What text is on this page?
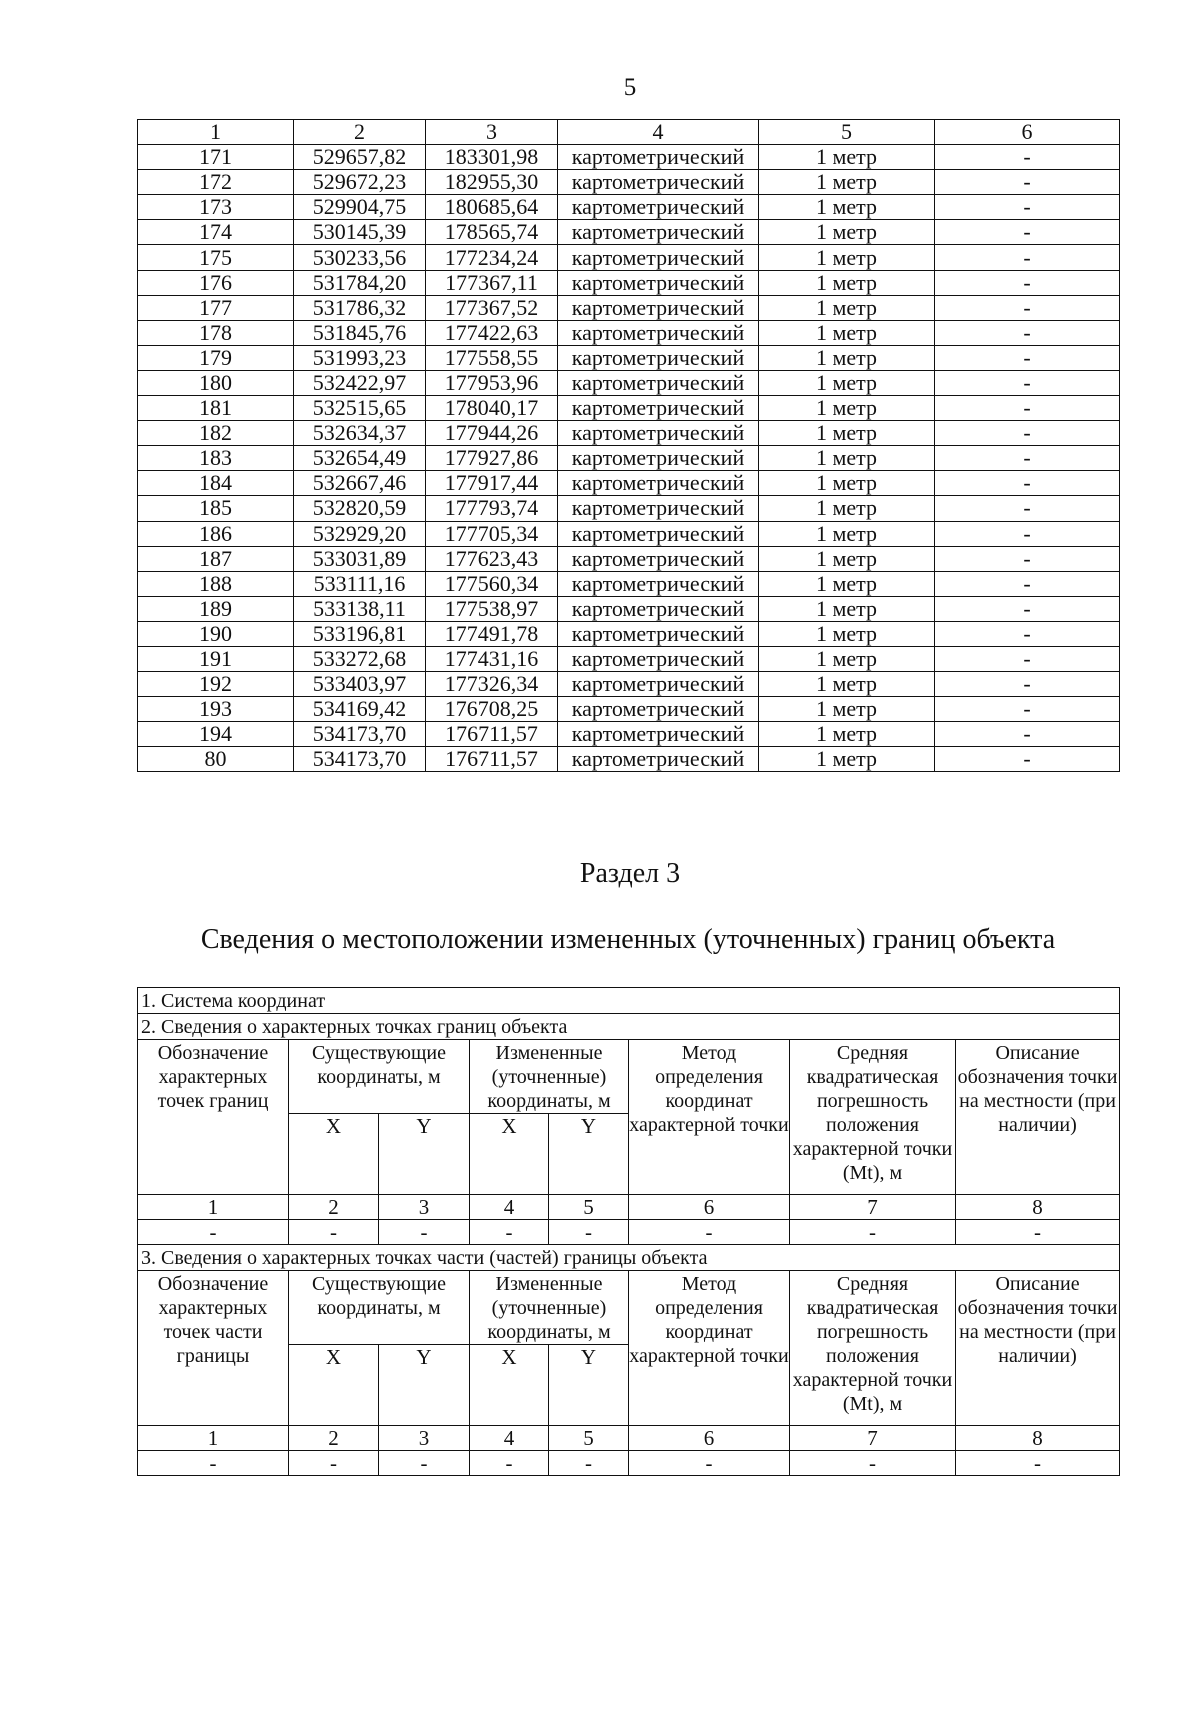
5
1	2	3	4	5	6
171	529657,82	183301,98	картометрический	1 метр	-
172	529672,23	182955,30	картометрический	1 метр	-
173	529904,75	180685,64	картометрический	1 метр	-
174	530145,39	178565,74	картометрический	1 метр	-
175	530233,56	177234,24	картометрический	1 метр	-
176	531784,20	177367,11	картометрический	1 метр	-
177	531786,32	177367,52	картометрический	1 метр	-
178	531845,76	177422,63	картометрический	1 метр	-
179	531993,23	177558,55	картометрический	1 метр	-
180	532422,97	177953,96	картометрический	1 метр	-
181	532515,65	178040,17	картометрический	1 метр	-
182	532634,37	177944,26	картометрический	1 метр	-
183	532654,49	177927,86	картометрический	1 метр	-
184	532667,46	177917,44	картометрический	1 метр	-
185	532820,59	177793,74	картометрический	1 метр	-
186	532929,20	177705,34	картометрический	1 метр	-
187	533031,89	177623,43	картометрический	1 метр	-
188	533111,16	177560,34	картометрический	1 метр	-
189	533138,11	177538,97	картометрический	1 метр	-
190	533196,81	177491,78	картометрический	1 метр	-
191	533272,68	177431,16	картометрический	1 метр	-
192	533403,97	177326,34	картометрический	1 метр	-
193	534169,42	176708,25	картометрический	1 метр	-
194	534173,70	176711,57	картометрический	1 метр	-
80	534173,70	176711,57	картометрический	1 метр	-
Раздел 3
Сведения о местоположении измененных (уточненных) границ объекта
1. Система координат							
2. Сведения о характерных точках границ объекта							
Обозначение характерных точек границ	Существующие координаты, м		Измененные (уточненные) координаты, м		Метод определения координат характерной точки	Средняя квадратическая погрешность положения характерной точки (Mt), м	Описание обозначения точки на местности (при наличии)
	X	Y	X	Y			
1	2	3	4	5	6	7	8
-	-	-	-	-	-	-	-
3. Сведения о характерных точках части (частей) границы объекта							
Обозначение характерных точек части границы	Существующие координаты, м		Измененные (уточненные) координаты, м		Метод определения координат характерной точки	Средняя квадратическая погрешность положения характерной точки (Mt), м	Описание обозначения точки на местности (при наличии)
	X	Y	X	Y			
1	2	3	4	5	6	7	8
-	-	-	-	-	-	-	-
